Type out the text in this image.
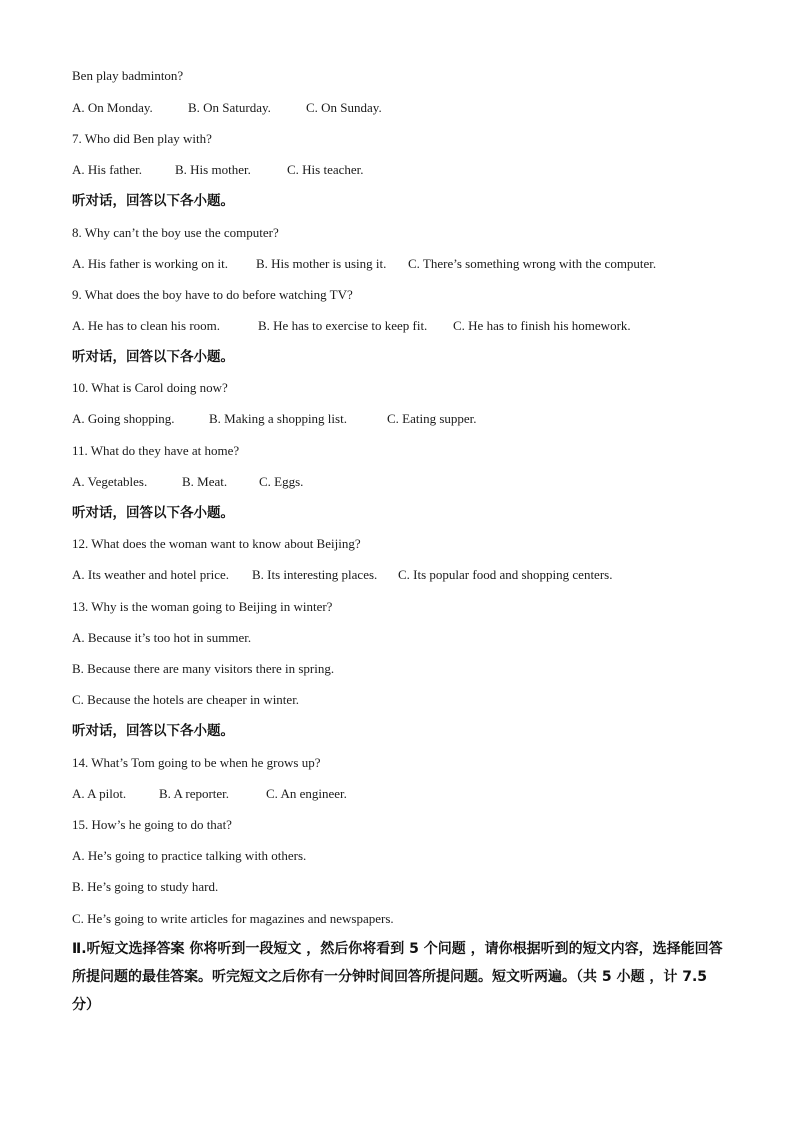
Ben play badminton?
A. On Monday.	B. On Saturday.	C. On Sunday.
7. Who did Ben play with?
A. His father.	B. His mother.	C. His teacher.
听对话，回答以下各小题。
8. Why can’t the boy use the computer?
A. His father is working on it. B. His mother is using it. C. There’s something wrong with the computer.
9. What does the boy have to do before watching TV?
A. He has to clean his room.	B. He has to exercise to keep fit. C. He has to finish his homework.
听对话，回答以下各小题。
10. What is Carol doing now?
A. Going shopping.	B. Making a shopping list.	C. Eating supper.
11. What do they have at home?
A. Vegetables.	B. Meat. C. Eggs.
听对话，回答以下各小题。
12. What does the woman want to know about Beijing?
A. Its weather and hotel price. B. Its interesting places. C. Its popular food and shopping centers.
13. Why is the woman going to Beijing in winter?
A. Because it’s too hot in summer.
B. Because there are many visitors there in spring.
C. Because the hotels are cheaper in winter.
听对话，回答以下各小题。
14. What’s Tom going to be when he grows up?
A. A pilot.	B. A reporter.	C. An engineer.
15. How’s he going to do that?
A. He’s going to practice talking with others.
B. He’s going to study hard.
C. He’s going to write articles for magazines and newspapers.
Ⅱ.听短文选择答案 你将听到一段短文 ，然后你将看到 5 个问题 ，请你根据听到的短文内容，选择能回答所提问题的最佳答案。听完短文之后你有一分钟时间回答所提问题。短文听两遍。（共 5 小题 ，计 7.5 分）
